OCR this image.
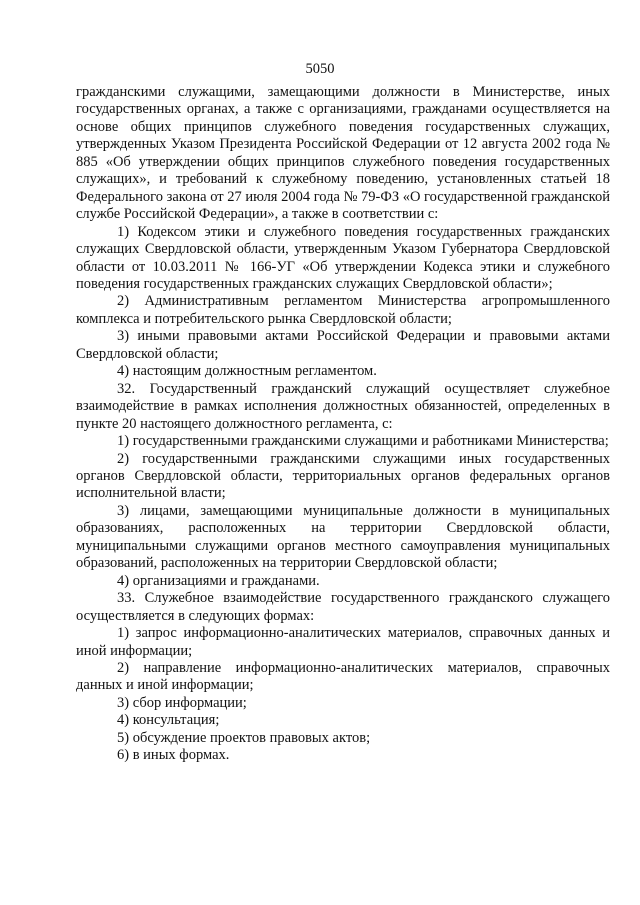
5050

гражданскими служащими, замещающими должности в Министерстве, иных государственных органах, а также с организациями, гражданами осуществляется на основе общих принципов служебного поведения государственных служащих, утвержденных Указом Президента Российской Федерации от 12 августа 2002 года № 885 «Об утверждении общих принципов служебного поведения государственных служащих», и требований к служебному поведению, установленных статьей 18 Федерального закона от 27 июля 2004 года № 79-ФЗ «О государственной гражданской службе Российской Федерации», а также в соответствии с:

1) Кодексом этики и служебного поведения государственных гражданских служащих Свердловской области, утвержденным Указом Губернатора Свердловской области от 10.03.2011 № 166-УГ «Об утверждении Кодекса этики и служебного поведения государственных гражданских служащих Свердловской области»;

2) Административным регламентом Министерства агропромышленного комплекса и потребительского рынка Свердловской области;

3) иными правовыми актами Российской Федерации и правовыми актами Свердловской области;

4) настоящим должностным регламентом.

32. Государственный гражданский служащий осуществляет служебное взаимодействие в рамках исполнения должностных обязанностей, определенных в пункте 20 настоящего должностного регламента, с:

1) государственными гражданскими служащими и работниками Министерства;

2) государственными гражданскими служащими иных государственных органов Свердловской области, территориальных органов федеральных органов исполнительной власти;

3) лицами, замещающими муниципальные должности в муниципальных образованиях, расположенных на территории Свердловской области, муниципальными служащими органов местного самоуправления муниципальных образований, расположенных на территории Свердловской области;

4) организациями и гражданами.

33. Служебное взаимодействие государственного гражданского служащего осуществляется в следующих формах:

1) запрос информационно-аналитических материалов, справочных данных и иной информации;

2) направление информационно-аналитических материалов, справочных данных и иной информации;

3) сбор информации;

4) консультация;

5) обсуждение проектов правовых актов;

6) в иных формах.
